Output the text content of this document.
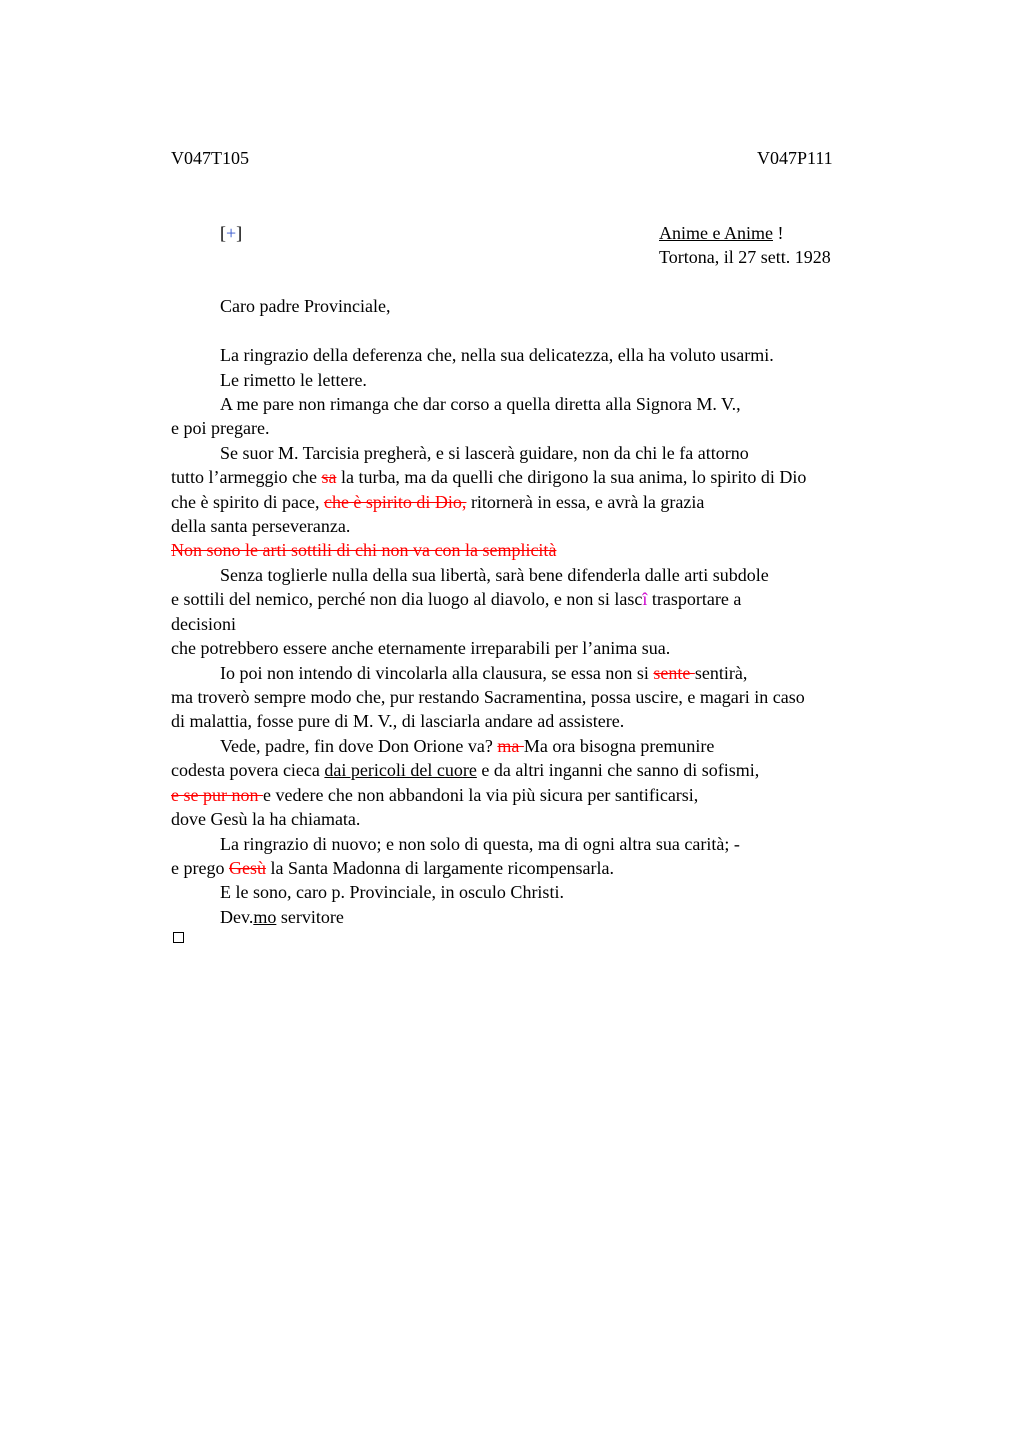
V047T105	V047P111
[+]	Anime e Anime !
Tortona, il 27 sett. 1928
Caro padre Provinciale,
La ringrazio della deferenza che, nella sua delicatezza, ella ha voluto usarmi.
Le rimetto le lettere.
A me pare non rimanga che dar corso a quella diretta alla Signora M. V.,
e poi pregare.
Se suor M. Tarcisia pregherà, e si lascerà guidare, non da chi le fa attorno
tutto l’armeggio che sa la turba, ma da quelli che dirigono la sua anima, lo spirito di Dio
che è spirito di pace, che è spirito di Dio, ritornerà in essa, e avrà la grazia
della santa perseveranza.
Non sono le arti sottili di chi non va con la semplicità
Senza toglierle nulla della sua libertà, sarà bene difenderla dalle arti subdole
e sottili del nemico, perché non dia luogo al diavolo, e non si lascî trasportare a
decisioni
che potrebbero essere anche eternamente irreparabili per l’anima sua.
Io poi non intendo di vincolarla alla clausura, se essa non si sente sentirà,
ma troverò sempre modo che, pur restando Sacramentina, possa uscire, e magari in caso
di malattia, fosse pure di M. V., di lasciarla andare ad assistere.
Vede, padre, fin dove Don Orione va? ma Ma ora bisogna premunire
codesta povera cieca dai pericoli del cuore e da altri inganni che sanno di sofismi,
e se pur non e vedere che non abbandoni la via più sicura per santificarsi,
dove Gesù la ha chiamata.
La ringrazio di nuovo; e non solo di questa, ma di ogni altra sua carità; -
e prego Gesù la Santa Madonna di largamente ricompensarla.
E le sono, caro p. Provinciale, in osculo Christi.
Dev.mo servitore
